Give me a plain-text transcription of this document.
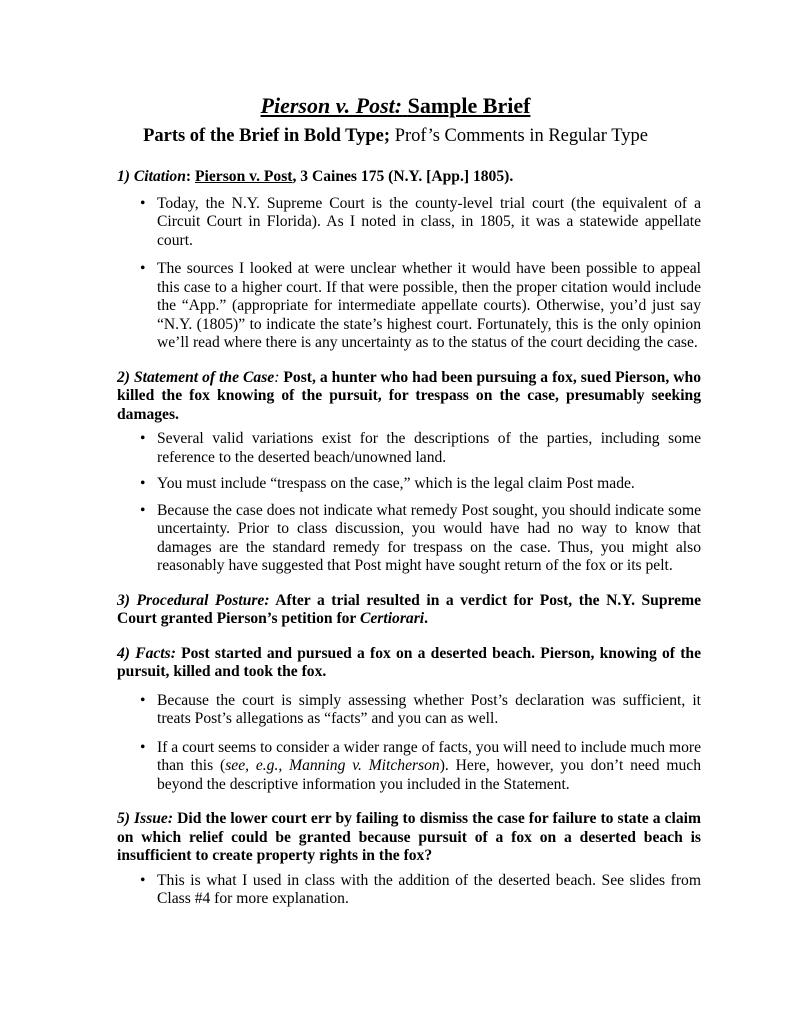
Pierson v. Post: Sample Brief
Parts of the Brief in Bold Type; Prof’s Comments in Regular Type
1) Citation: Pierson v. Post, 3 Caines 175 (N.Y. [App.] 1805).
• Today, the N.Y. Supreme Court is the county-level trial court (the equivalent of a Circuit Court in Florida). As I noted in class, in 1805, it was a statewide appellate court.
• The sources I looked at were unclear whether it would have been possible to appeal this case to a higher court. If that were possible, then the proper citation would include the “App.” (appropriate for intermediate appellate courts). Otherwise, you’d just say “N.Y. (1805)” to indicate the state’s highest court. Fortunately, this is the only opinion we’ll read where there is any uncertainty as to the status of the court deciding the case.
2) Statement of the Case: Post, a hunter who had been pursuing a fox, sued Pierson, who killed the fox knowing of the pursuit, for trespass on the case, presumably seeking damages.
• Several valid variations exist for the descriptions of the parties, including some reference to the deserted beach/unowned land.
• You must include “trespass on the case,” which is the legal claim Post made.
• Because the case does not indicate what remedy Post sought, you should indicate some uncertainty. Prior to class discussion, you would have had no way to know that damages are the standard remedy for trespass on the case. Thus, you might also reasonably have suggested that Post might have sought return of the fox or its pelt.
3) Procedural Posture: After a trial resulted in a verdict for Post, the N.Y. Supreme Court granted Pierson’s petition for Certiorari.
4) Facts: Post started and pursued a fox on a deserted beach. Pierson, knowing of the pursuit, killed and took the fox.
• Because the court is simply assessing whether Post’s declaration was sufficient, it treats Post’s allegations as “facts” and you can as well.
• If a court seems to consider a wider range of facts, you will need to include much more than this (see, e.g., Manning v. Mitcherson). Here, however, you don’t need much beyond the descriptive information you included in the Statement.
5) Issue: Did the lower court err by failing to dismiss the case for failure to state a claim on which relief could be granted because pursuit of a fox on a deserted beach is insufficient to create property rights in the fox?
• This is what I used in class with the addition of the deserted beach. See slides from Class #4 for more explanation.
